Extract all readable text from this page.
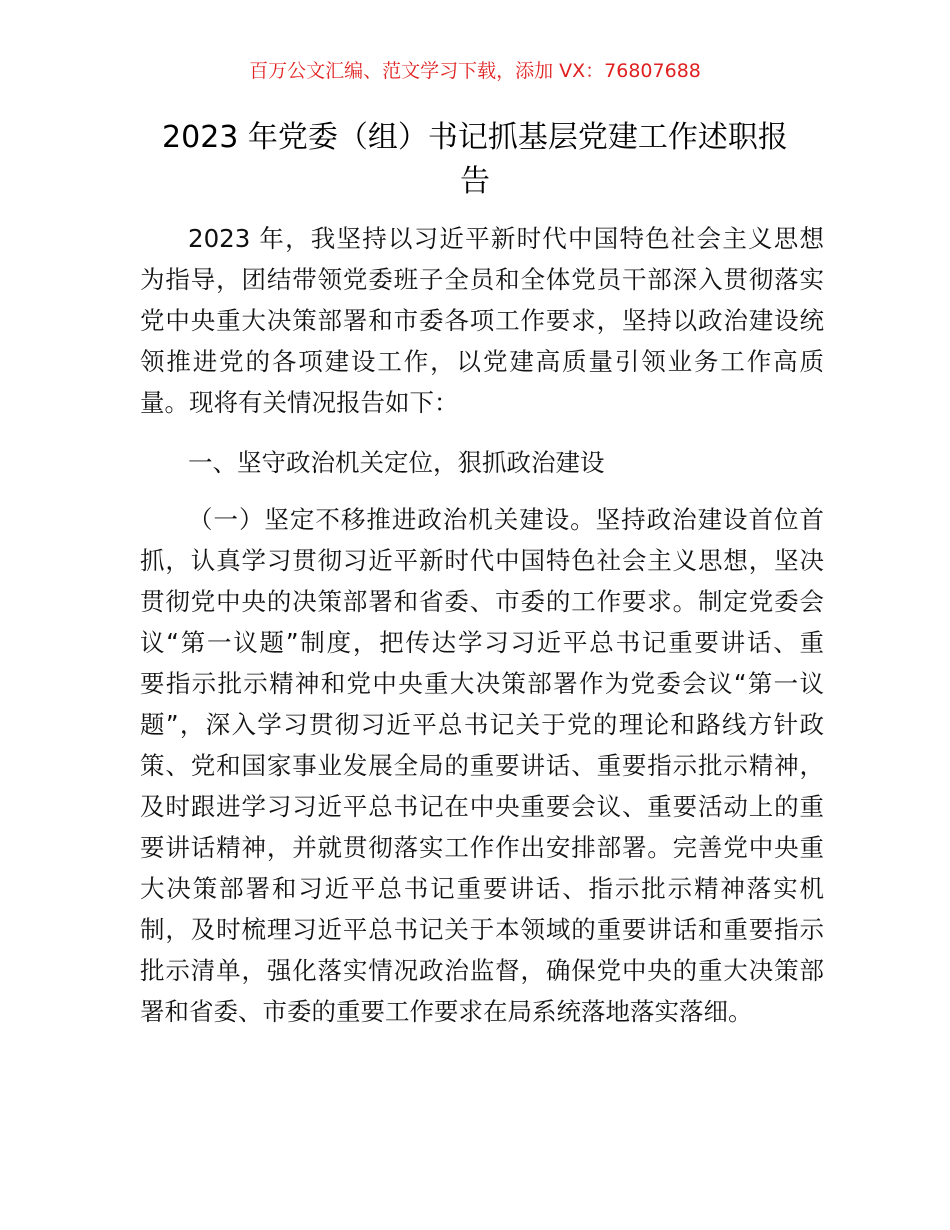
百万公文汇编、范文学习下载，添加 VX：76807688
2023 年党委（组）书记抓基层党建工作述职报
告
2023 年，我坚持以习近平新时代中国特色社会主义思想
为指导，团结带领党委班子全员和全体党员干部深入贯彻落实
党中央重大决策部署和市委各项工作要求，坚持以政治建设统
领推进党的各项建设工作，以党建高质量引领业务工作高质
量。现将有关情况报告如下：
一、坚守政治机关定位，狠抓政治建设
（一）坚定不移推进政治机关建设。坚持政治建设首位首
抓，认真学习贯彻习近平新时代中国特色社会主义思想，坚决
贯彻党中央的决策部署和省委、市委的工作要求。制定党委会
议“第一议题”制度，把传达学习习近平总书记重要讲话、重
要指示批示精神和党中央重大决策部署作为党委会议“第一议
题”，深入学习贯彻习近平总书记关于党的理论和路线方针政
策、党和国家事业发展全局的重要讲话、重要指示批示精神，
及时跟进学习习近平总书记在中央重要会议、重要活动上的重
要讲话精神，并就贯彻落实工作作出安排部署。完善党中央重
大决策部署和习近平总书记重要讲话、指示批示精神落实机
制，及时梳理习近平总书记关于本领域的重要讲话和重要指示
批示清单，强化落实情况政治监督，确保党中央的重大决策部
署和省委、市委的重要工作要求在局系统落地落实落细。
